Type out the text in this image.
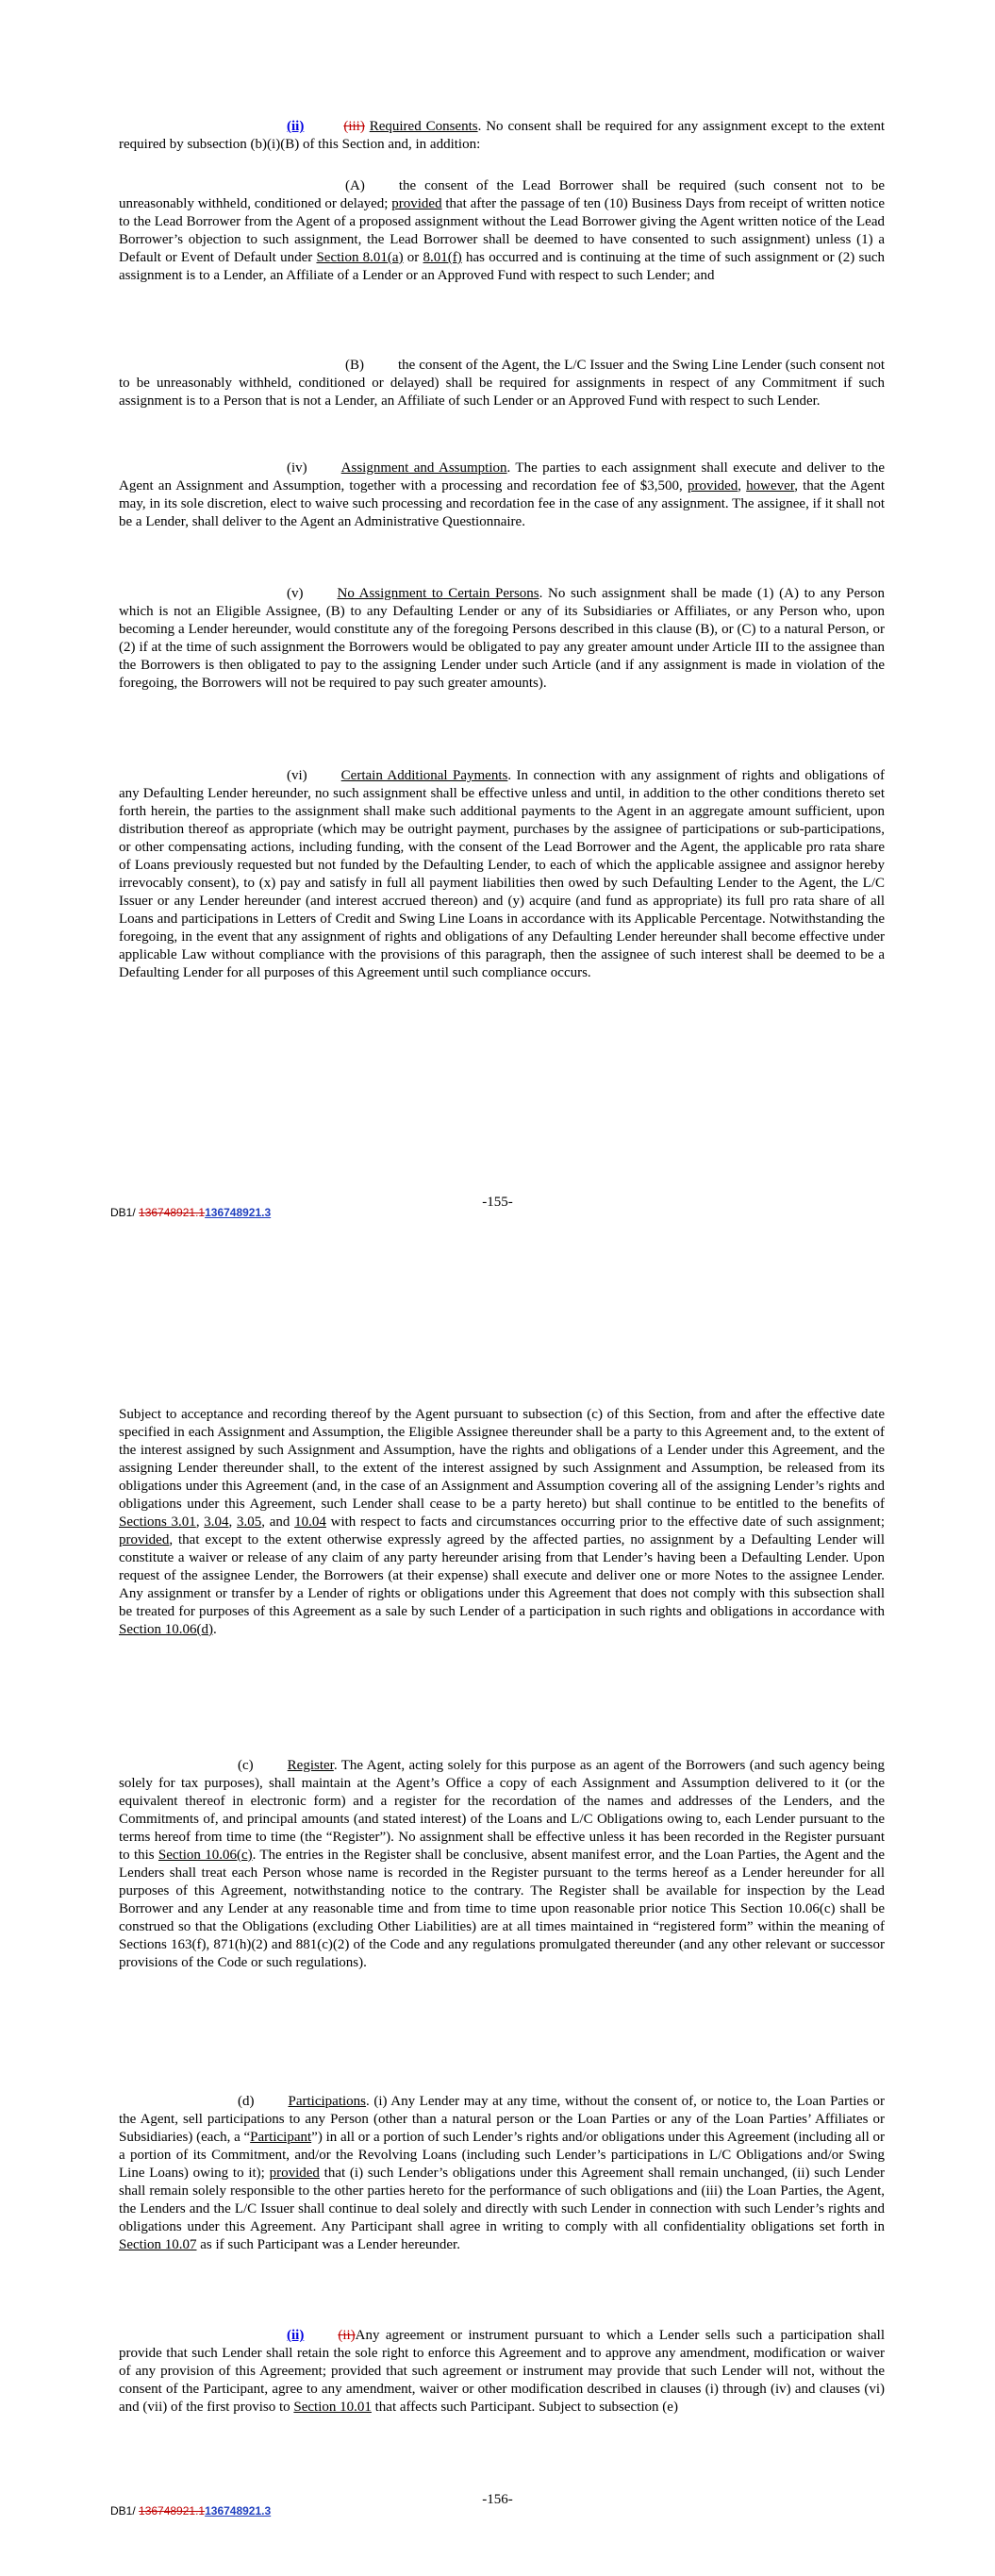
(ii)	(iii) Required Consents. No consent shall be required for any assignment except to the extent required by subsection (b)(i)(B) of this Section and, in addition:
(A) the consent of the Lead Borrower shall be required (such consent not to be unreasonably withheld, conditioned or delayed; provided that after the passage of ten (10) Business Days from receipt of written notice to the Lead Borrower from the Agent of a proposed assignment without the Lead Borrower giving the Agent written notice of the Lead Borrower’s objection to such assignment, the Lead Borrower shall be deemed to have consented to such assignment) unless (1) a Default or Event of Default under Section 8.01(a) or 8.01(f) has occurred and is continuing at the time of such assignment or (2) such assignment is to a Lender, an Affiliate of a Lender or an Approved Fund with respect to such Lender; and
(B) the consent of the Agent, the L/C Issuer and the Swing Line Lender (such consent not to be unreasonably withheld, conditioned or delayed) shall be required for assignments in respect of any Commitment if such assignment is to a Person that is not a Lender, an Affiliate of such Lender or an Approved Fund with respect to such Lender.
(iv) Assignment and Assumption. The parties to each assignment shall execute and deliver to the Agent an Assignment and Assumption, together with a processing and recordation fee of $3,500, provided, however, that the Agent may, in its sole discretion, elect to waive such processing and recordation fee in the case of any assignment. The assignee, if it shall not be a Lender, shall deliver to the Agent an Administrative Questionnaire.
(v) No Assignment to Certain Persons. No such assignment shall be made (1) (A) to any Person which is not an Eligible Assignee, (B) to any Defaulting Lender or any of its Subsidiaries or Affiliates, or any Person who, upon becoming a Lender hereunder, would constitute any of the foregoing Persons described in this clause (B), or (C) to a natural Person, or (2) if at the time of such assignment the Borrowers would be obligated to pay any greater amount under Article III to the assignee than the Borrowers is then obligated to pay to the assigning Lender under such Article (and if any assignment is made in violation of the foregoing, the Borrowers will not be required to pay such greater amounts).
(vi) Certain Additional Payments. In connection with any assignment of rights and obligations of any Defaulting Lender hereunder, no such assignment shall be effective unless and until, in addition to the other conditions thereto set forth herein, the parties to the assignment shall make such additional payments to the Agent in an aggregate amount sufficient, upon distribution thereof as appropriate (which may be outright payment, purchases by the assignee of participations or sub-participations, or other compensating actions, including funding, with the consent of the Lead Borrower and the Agent, the applicable pro rata share of Loans previously requested but not funded by the Defaulting Lender, to each of which the applicable assignee and assignor hereby irrevocably consent), to (x) pay and satisfy in full all payment liabilities then owed by such Defaulting Lender to the Agent, the L/C Issuer or any Lender hereunder (and interest accrued thereon) and (y) acquire (and fund as appropriate) its full pro rata share of all Loans and participations in Letters of Credit and Swing Line Loans in accordance with its Applicable Percentage. Notwithstanding the foregoing, in the event that any assignment of rights and obligations of any Defaulting Lender hereunder shall become effective under applicable Law without compliance with the provisions of this paragraph, then the assignee of such interest shall be deemed to be a Defaulting Lender for all purposes of this Agreement until such compliance occurs.
-155-
DB1/ 136748921.1136748921.3
Subject to acceptance and recording thereof by the Agent pursuant to subsection (c) of this Section, from and after the effective date specified in each Assignment and Assumption, the Eligible Assignee thereunder shall be a party to this Agreement and, to the extent of the interest assigned by such Assignment and Assumption, have the rights and obligations of a Lender under this Agreement, and the assigning Lender thereunder shall, to the extent of the interest assigned by such Assignment and Assumption, be released from its obligations under this Agreement (and, in the case of an Assignment and Assumption covering all of the assigning Lender’s rights and obligations under this Agreement, such Lender shall cease to be a party hereto) but shall continue to be entitled to the benefits of Sections 3.01, 3.04, 3.05, and 10.04 with respect to facts and circumstances occurring prior to the effective date of such assignment; provided, that except to the extent otherwise expressly agreed by the affected parties, no assignment by a Defaulting Lender will constitute a waiver or release of any claim of any party hereunder arising from that Lender’s having been a Defaulting Lender. Upon request of the assignee Lender, the Borrowers (at their expense) shall execute and deliver one or more Notes to the assignee Lender. Any assignment or transfer by a Lender of rights or obligations under this Agreement that does not comply with this subsection shall be treated for purposes of this Agreement as a sale by such Lender of a participation in such rights and obligations in accordance with Section 10.06(d).
(c) Register. The Agent, acting solely for this purpose as an agent of the Borrowers (and such agency being solely for tax purposes), shall maintain at the Agent’s Office a copy of each Assignment and Assumption delivered to it (or the equivalent thereof in electronic form) and a register for the recordation of the names and addresses of the Lenders, and the Commitments of, and principal amounts (and stated interest) of the Loans and L/C Obligations owing to, each Lender pursuant to the terms hereof from time to time (the “Register”). No assignment shall be effective unless it has been recorded in the Register pursuant to this Section 10.06(c). The entries in the Register shall be conclusive, absent manifest error, and the Loan Parties, the Agent and the Lenders shall treat each Person whose name is recorded in the Register pursuant to the terms hereof as a Lender hereunder for all purposes of this Agreement, notwithstanding notice to the contrary. The Register shall be available for inspection by the Lead Borrower and any Lender at any reasonable time and from time to time upon reasonable prior notice This Section 10.06(c) shall be construed so that the Obligations (excluding Other Liabilities) are at all times maintained in “registered form” within the meaning of Sections 163(f), 871(h)(2) and 881(c)(2) of the Code and any regulations promulgated thereunder (and any other relevant or successor provisions of the Code or such regulations).
(d) Participations. (i) Any Lender may at any time, without the consent of, or notice to, the Loan Parties or the Agent, sell participations to any Person (other than a natural person or the Loan Parties or any of the Loan Parties’ Affiliates or Subsidiaries) (each, a “Participant”) in all or a portion of such Lender’s rights and/or obligations under this Agreement (including all or a portion of its Commitment, and/or the Revolving Loans (including such Lender’s participations in L/C Obligations and/or Swing Line Loans) owing to it); provided that (i) such Lender’s obligations under this Agreement shall remain unchanged, (ii) such Lender shall remain solely responsible to the other parties hereto for the performance of such obligations and (iii) the Loan Parties, the Agent, the Lenders and the L/C Issuer shall continue to deal solely and directly with such Lender in connection with such Lender’s rights and obligations under this Agreement. Any Participant shall agree in writing to comply with all confidentiality obligations set forth in Section 10.07 as if such Participant was a Lender hereunder.
(ii) (ii)Any agreement or instrument pursuant to which a Lender sells such a participation shall provide that such Lender shall retain the sole right to enforce this Agreement and to approve any amendment, modification or waiver of any provision of this Agreement; provided that such agreement or instrument may provide that such Lender will not, without the consent of the Participant, agree to any amendment, waiver or other modification described in clauses (i) through (iv) and clauses (vi) and (vii) of the first proviso to Section 10.01 that affects such Participant. Subject to subsection (e)
-156-
DB1/ 136748921.1136748921.3
